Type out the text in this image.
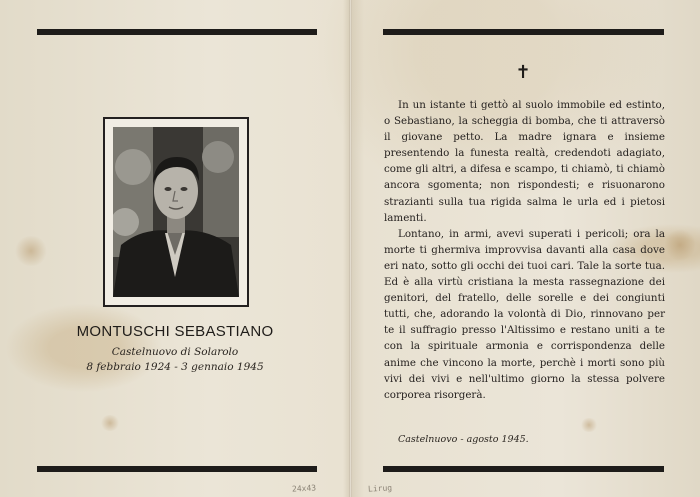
MONTUSCHI SEBASTIANO
Castelnuovo di Solarolo
8 febbraio 1924 - 3 gennaio 1945
✝

In un istante ti gettò al suolo immobile ed estinto, o Sebastiano, la scheggia di bomba, che ti attraversò il giovane petto. La madre ignara e insieme presentendo la funesta realtà, credendoti adagiato, come gli altri, a difesa e scampo, ti chiamò, ti chiamò ancora sgomenta; non rispondesti; e risuonarono strazianti sulla tua rigida salma le urla ed i pietosi lamenti.

Lontano, in armi, avevi superati i pericoli; ora la morte ti ghermiva improvvisa davanti alla casa dove eri nato, sotto gli occhi dei tuoi cari. Tale la sorte tua. Ed è alla virtù cristiana la mesta rassegnazione dei genitori, del fratello, delle sorelle e dei congiunti tutti, che, adorando la volontà di Dio, rinnovano per te il suffragio presso l'Altissimo e restano uniti a te con la spirituale armonia e corrispondenza delle anime che vincono la morte, perchè i morti sono più vivi dei vivi e nell'ultimo giorno la stessa polvere corporea risorgerà.

Castelnuovo - agosto 1945.
24x43	Lirug
